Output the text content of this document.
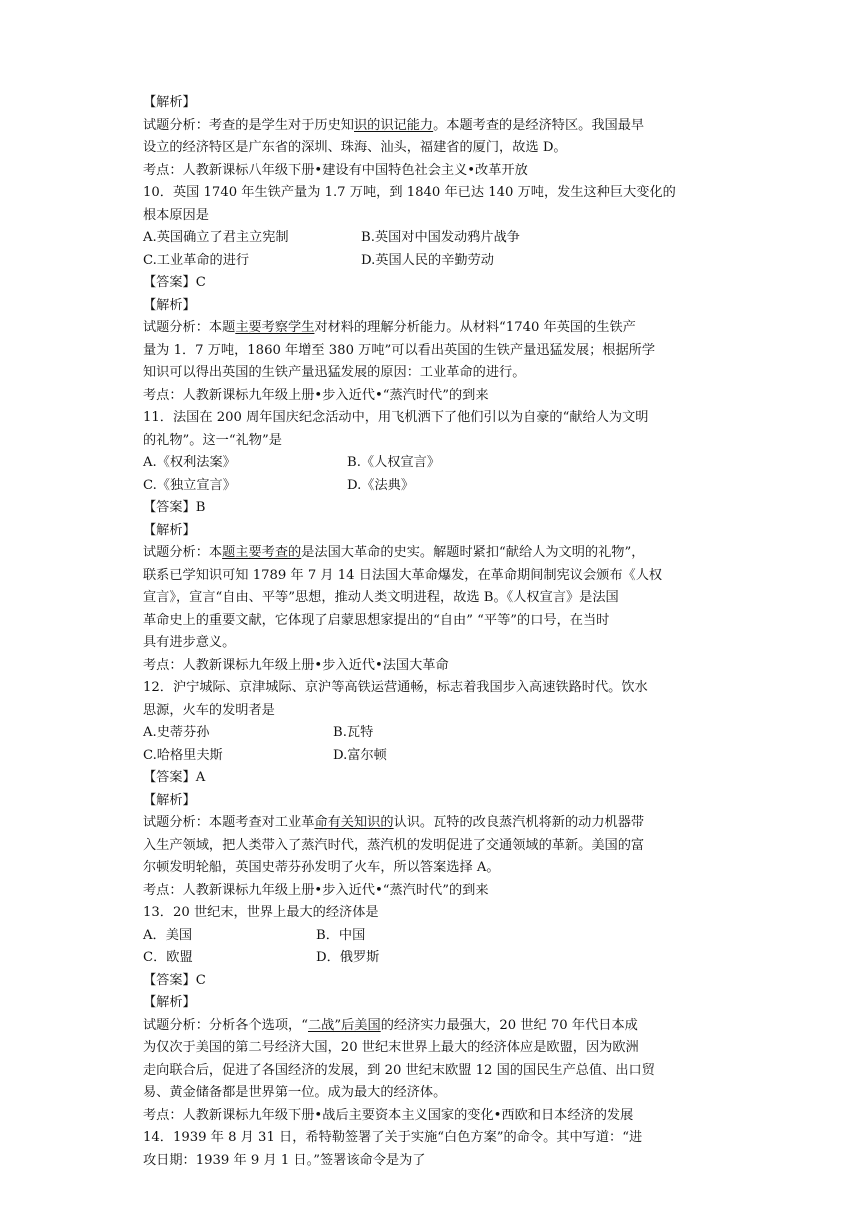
【解析】
试题分析：考查的是学生对于历史知识的识记能力。本题考查的是经济特区。我国最早
设立的经济特区是广东省的深圳、珠海、汕头，福建省的厦门，故选 D。
考点：人教新课标八年级下册•建设有中国特色社会主义•改革开放
10．英国 1740 年生铁产量为 1.7 万吨，到 1840 年已达 140 万吨，发生这种巨大变化的
根本原因是
A.英国确立了君主立宪制	B.英国对中国发动鸦片战争
C.工业革命的进行	D.英国人民的辛勤劳动
【答案】C
【解析】
试题分析：本题主要考察学生对材料的理解分析能力。从材料“1740 年英国的生铁产
量为 1．7 万吨，1860 年增至 380 万吨”可以看出英国的生铁产量迅猛发展；根据所学
知识可以得出英国的生铁产量迅猛发展的原因：工业革命的进行。
考点：人教新课标九年级上册•步入近代•“蒸汽时代”的到来
11．法国在 200 周年国庆纪念活动中，用飞机洒下了他们引以为自豪的“献给人为文明
的礼物”。这一“礼物”是
A.《权利法案》	B.《人权宣言》
C.《独立宣言》	D.《法典》
【答案】B
【解析】
试题分析：本题主要考查的是法国大革命的史实。解题时紧扣“献给人为文明的礼物”，
联系已学知识可知 1789 年 7 月 14 日法国大革命爆发，在革命期间制宪议会颁布《人权
宣言》，宣言“自由、平等”思想，推动人类文明进程，故选 B。《人权宣言》是法国
革命史上的重要文献，它体现了启蒙思想家提出的“自由” “平等”的口号，在当时
具有进步意义。
考点：人教新课标九年级上册•步入近代•法国大革命
12．沪宁城际、京津城际、京沪等高铁运营通畅，标志着我国步入高速铁路时代。饮水
思源，火车的发明者是
A.史蒂芬孙	B.瓦特
C.哈格里夫斯	D.富尔顿
【答案】A
【解析】
试题分析：本题考查对工业革命有关知识的认识。瓦特的改良蒸汽机将新的动力机器带
入生产领域，把人类带入了蒸汽时代，蒸汽机的发明促进了交通领域的革新。美国的富
尔顿发明轮船，英国史蒂芬孙发明了火车，所以答案选择 A。
考点：人教新课标九年级上册•步入近代•“蒸汽时代”的到来
13．20 世纪末，世界上最大的经济体是
A．美国	B．中国
C．欧盟	D．俄罗斯
【答案】C
【解析】
试题分析：分析各个选项，“二战”后美国的经济实力最强大，20 世纪 70 年代日本成
为仅次于美国的第二号经济大国，20 世纪末世界上最大的经济体应是欧盟，因为欧洲
走向联合后，促进了各国经济的发展，到 20 世纪末欧盟 12 国的国民生产总值、出口贸
易、黄金储备都是世界第一位。成为最大的经济体。
考点：人教新课标九年级下册•战后主要资本主义国家的变化•西欧和日本经济的发展
14．1939 年 8 月 31 日，希特勒签署了关于实施“白色方案”的命令。其中写道：“进
攻日期：1939 年 9 月 1 日。”签署该命令是为了
